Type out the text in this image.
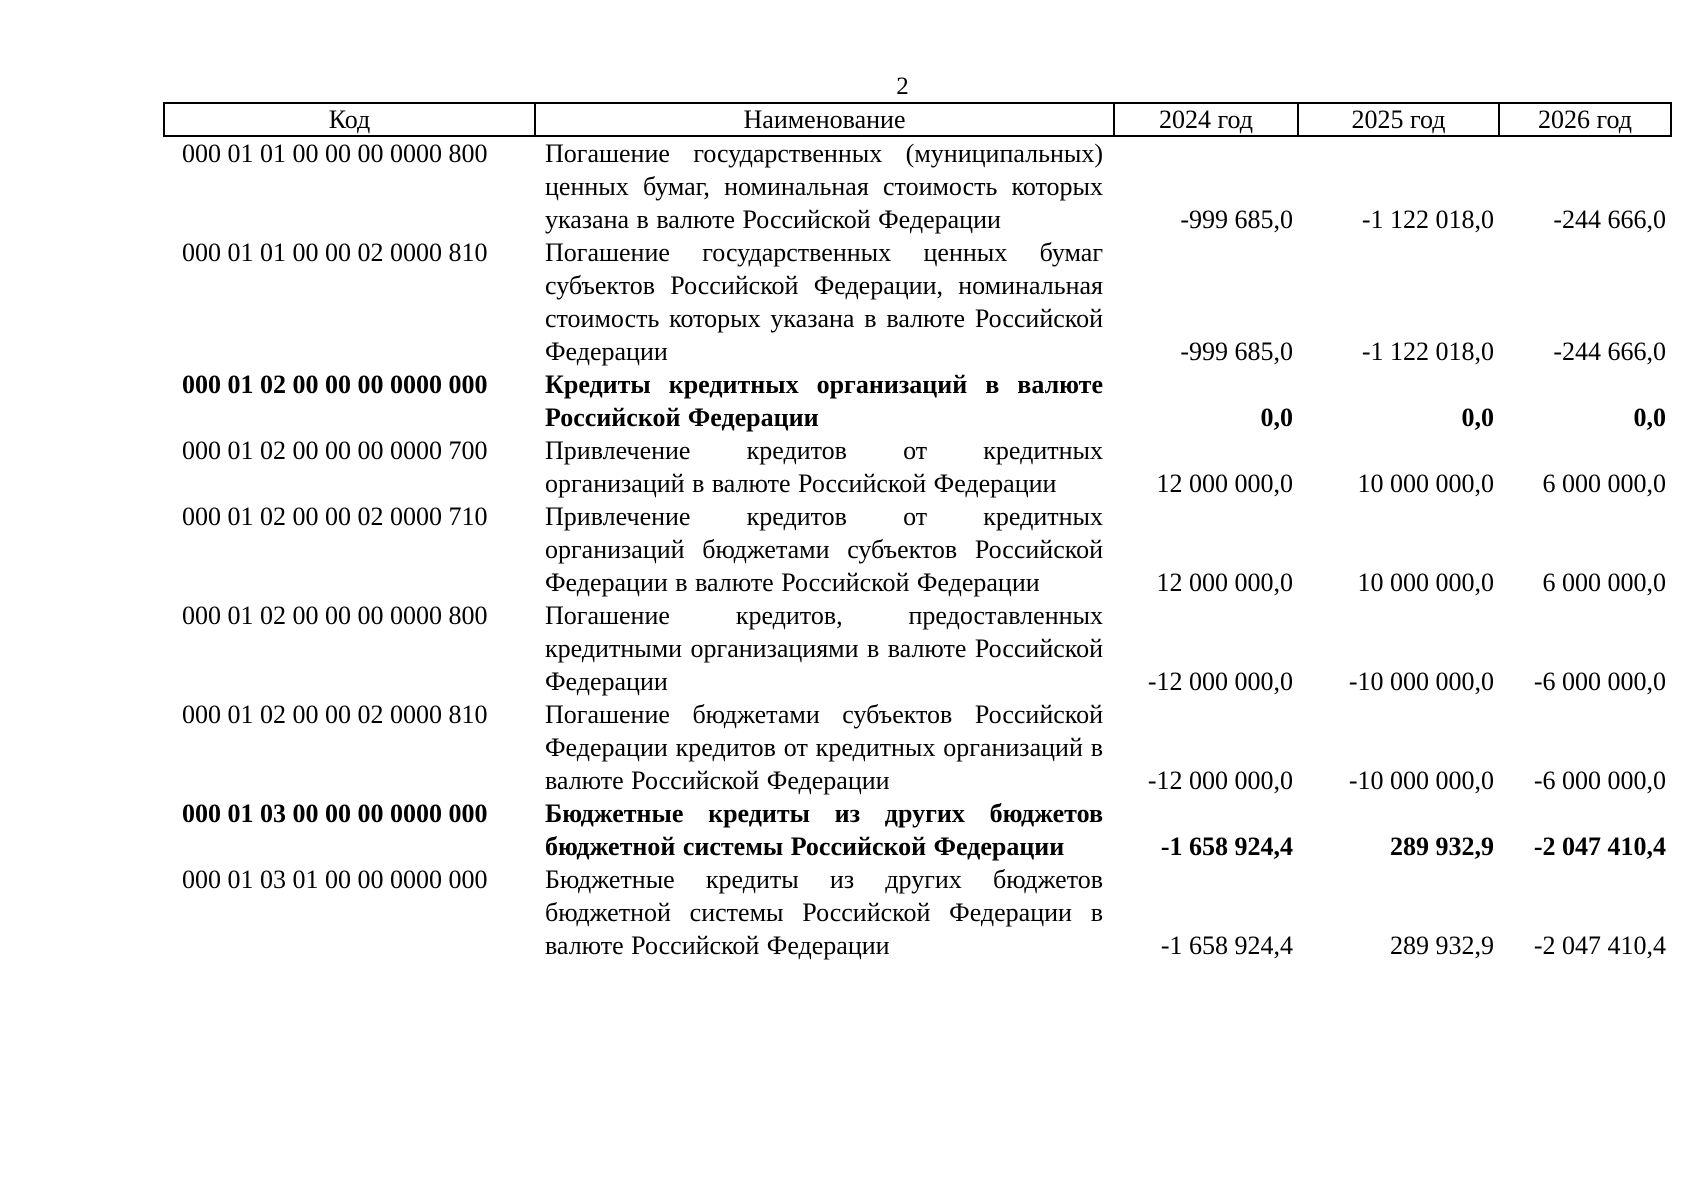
2
Код	Наименование	2024 год	2025 год	2026 год
000 01 01 00 00 00 0000 800	Погашение государственных (муниципальных) ценных бумаг, номинальная стоимость которых указана в валюте Российской Федерации	-999 685,0	-1 122 018,0	-244 666,0
000 01 01 00 00 02 0000 810	Погашение государственных ценных бумаг субъектов Российской Федерации, номинальная стоимость которых указана в валюте Российской Федерации	-999 685,0	-1 122 018,0	-244 666,0
000 01 02 00 00 00 0000 000	Кредиты кредитных организаций в валюте Российской Федерации	0,0	0,0	0,0
000 01 02 00 00 00 0000 700	Привлечение кредитов от кредитных организаций в валюте Российской Федерации	12 000 000,0	10 000 000,0	6 000 000,0
000 01 02 00 00 02 0000 710	Привлечение кредитов от кредитных организаций бюджетами субъектов Российской Федерации в валюте Российской Федерации	12 000 000,0	10 000 000,0	6 000 000,0
000 01 02 00 00 00 0000 800	Погашение кредитов, предоставленных кредитными организациями в валюте Российской Федерации	-12 000 000,0	-10 000 000,0	-6 000 000,0
000 01 02 00 00 02 0000 810	Погашение бюджетами субъектов Российской Федерации кредитов от кредитных организаций в валюте Российской Федерации	-12 000 000,0	-10 000 000,0	-6 000 000,0
000 01 03 00 00 00 0000 000	Бюджетные кредиты из других бюджетов бюджетной системы Российской Федерации	-1 658 924,4	289 932,9	-2 047 410,4
000 01 03 01 00 00 0000 000	Бюджетные кредиты из других бюджетов бюджетной системы Российской Федерации в валюте Российской Федерации	-1 658 924,4	289 932,9	-2 047 410,4
